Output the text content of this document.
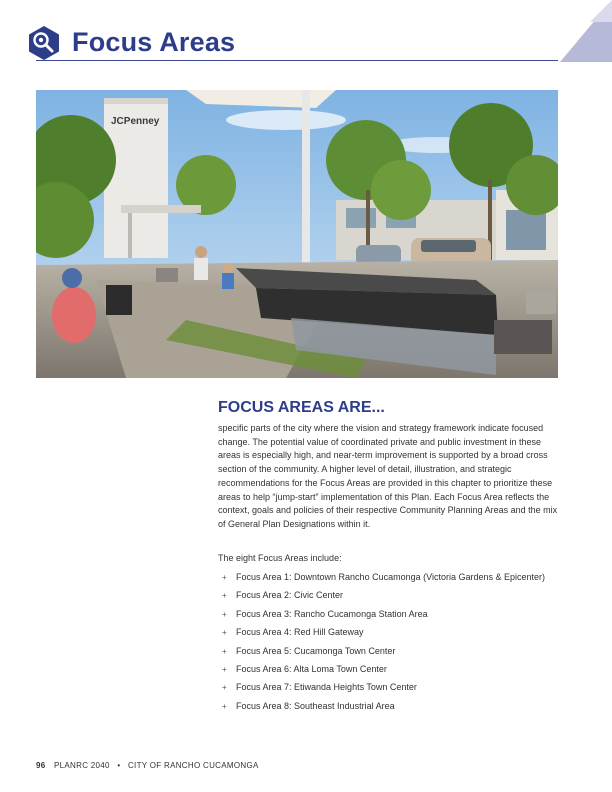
Focus Areas
JCPenney
FOCUS AREAS ARE...
specific parts of the city where the vision and strategy framework indicate focused change. The potential value of coordinated private and public investment in these areas is especially high, and near-term improvement is supported by a broad cross section of the community. A higher level of detail, illustration, and strategic recommendations for the Focus Areas are provided in this chapter to prioritize these areas to help “jump-start” implementation of this Plan. Each Focus Area reflects the context, goals and policies of their respective Community Planning Areas and the mix of General Plan Designations within it.
The eight Focus Areas include:
+ Focus Area 1: Downtown Rancho Cucamonga (Victoria Gardens & Epicenter)
+ Focus Area 2: Civic Center
+ Focus Area 3: Rancho Cucamonga Station Area
+ Focus Area 4: Red Hill Gateway
+ Focus Area 5: Cucamonga Town Center
+ Focus Area 6: Alta Loma Town Center
+ Focus Area 7: Etiwanda Heights Town Center
+ Focus Area 8: Southeast Industrial Area
96 PLANRC 2040 • CITY OF RANCHO CUCAMONGA
